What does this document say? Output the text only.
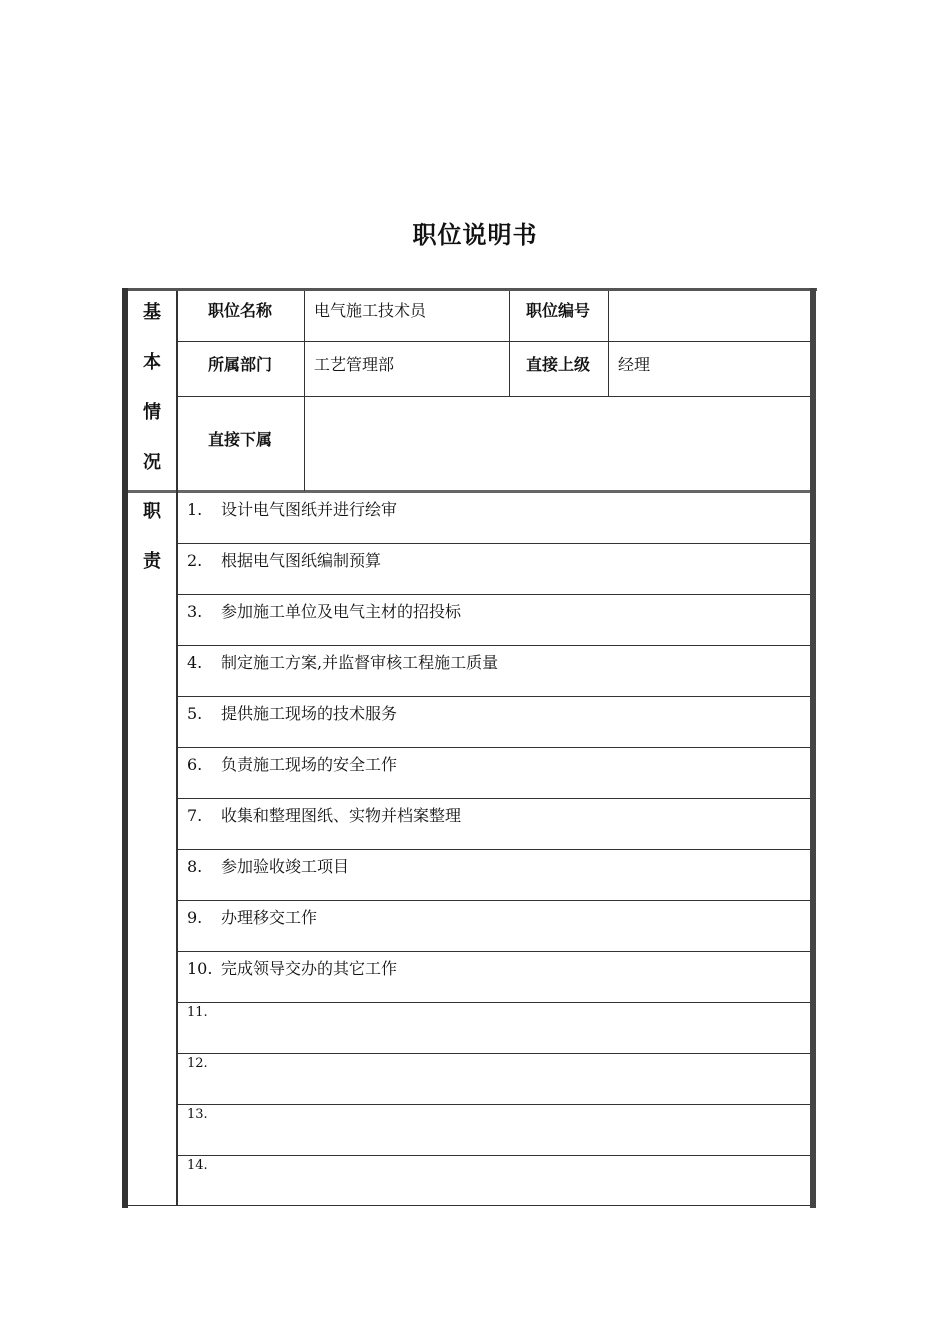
职位说明书
基
本
情
况
职
责
职位名称	电气施工技术员	职位编号
所属部门	工艺管理部	直接上级 经理
直接下属
1. 设计电气图纸并进行绘审
2. 根据电气图纸编制预算
3. 参加施工单位及电气主材的招投标
4. 制定施工方案,并监督审核工程施工质量
5. 提供施工现场的技术服务
6. 负责施工现场的安全工作
7. 收集和整理图纸、实物并档案整理
8. 参加验收竣工项目
9. 办理移交工作
10. 完成领导交办的其它工作
11.
12.
13.
14.
